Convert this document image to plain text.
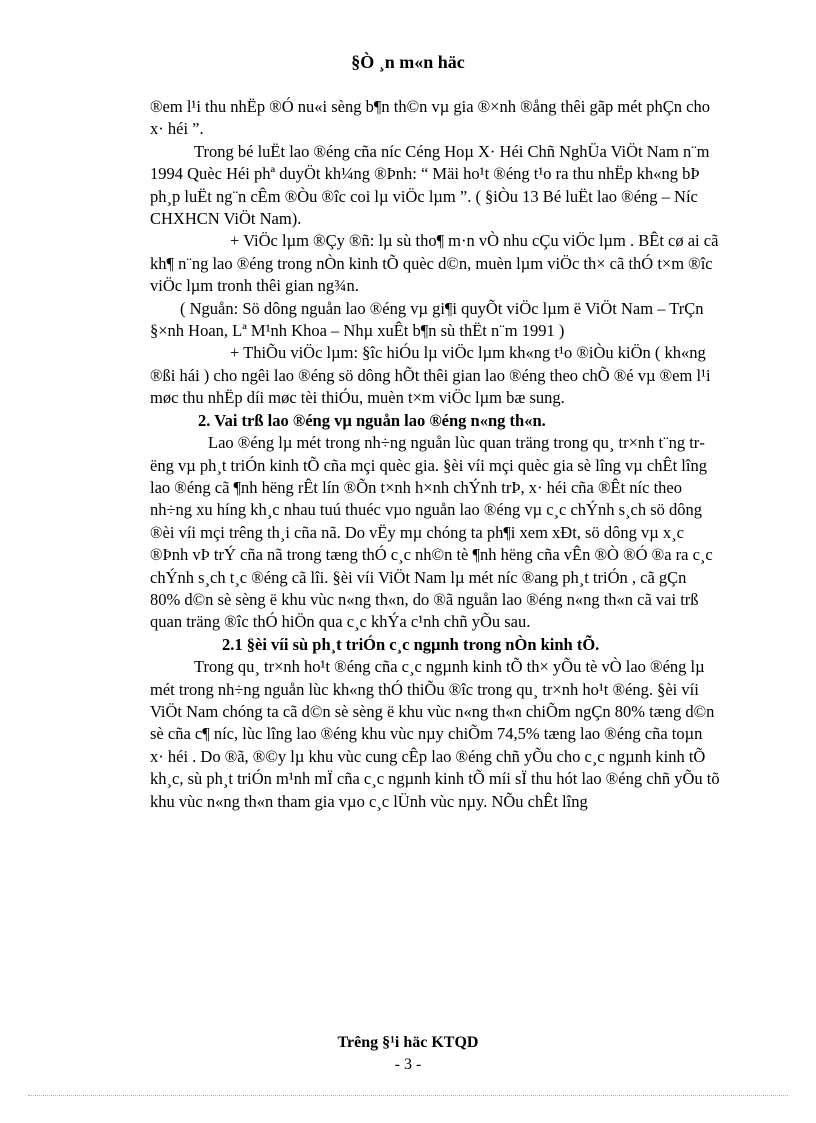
§Ò ¸n m«n häc

®em l¹i thu nhËp ®Ó nu«i sèng b¶n th©n vµ gia ®×nh ®ång thêi gãp mét phÇn cho x· héi ”.

Trong bé luËt lao ®éng cña níc Céng Hoµ X· Héi Chñ NghÜa ViÖt Nam n¨m 1994 Quèc Héi phª duyÖt kh¼ng ®Þnh: “ Mäi ho¹t ®éng t¹o ra thu nhËp kh«ng bÞ ph¸p luËt ng¨n cÊm ®Òu ®îc coi lµ viÖc lµm ”. ( §iÒu 13 Bé luËt lao ®éng – Níc CHXHCN ViÖt Nam).

+ ViÖc lµm ®Çy ®ñ: lµ sù tho¶ m·n vÒ nhu cÇu viÖc lµm . BÊt cø ai cã kh¶ n¨ng lao ®éng trong nÒn kinh tÕ quèc d©n, muèn lµm viÖc th× cã thÓ t×m ®îc viÖc lµm tronh thêi gian ng¾n.

( Nguån: Sö dông nguån lao ®éng vµ gi¶i quyÕt viÖc lµm ë ViÖt Nam – TrÇn §×nh Hoan, Lª M¹nh Khoa – Nhµ xuÊt b¶n sù thËt n¨m 1991 )

+ ThiÕu viÖc lµm: §îc hiÓu lµ viÖc lµm kh«ng t¹o ®iÒu kiÖn ( kh«ng ®ßi hái ) cho ngêi lao ®éng sö dông hÕt thêi gian lao ®éng theo chÕ ®é vµ ®em l¹i møc thu nhËp díi møc tèi thiÓu, muèn t×m viÖc lµm bæ sung.

2. Vai trß lao ®éng vµ nguån lao ®éng n«ng th«n.

Lao ®éng lµ mét trong nh÷ng nguån lùc quan träng trong qu¸ tr×nh t¨ng trëng vµ ph¸t triÓn kinh tÕ cña mçi quèc gia. §èi víi mçi quèc gia sè lîng vµ chÊt lîng lao ®éng cã ¶nh hëng rÊt lín ®Õn t×nh h×nh chÝnh trÞ, x· héi cña ®Êt níc theo nh÷ng xu híng kh¸c nhau tuú thuéc vµo nguån lao ®éng vµ c¸c chÝnh s¸ch sö dông ®èi víi mçi trêng th¸i cña nã. Do vËy mµ chóng ta ph¶i xem xÐt, sö dông vµ x¸c ®Þnh vÞ trÝ cña nã trong tæng thÓ c¸c nh©n tè ¶nh hëng cña vÊn ®Ò ®Ó ®a ra c¸c chÝnh s¸ch t¸c ®éng cã lîi. §èi víi ViÖt Nam lµ mét níc ®ang ph¸t triÓn , cã gÇn 80% d©n sè sèng ë khu vùc n«ng th«n, do ®ã nguån lao ®éng n«ng th«n cã vai trß quan träng ®îc thÓ hiÖn qua c¸c khÝa c¹nh chñ yÕu sau.

2.1 §èi víi sù ph¸t triÓn c¸c ngµnh trong nÒn kinh tÕ.

Trong qu¸ tr×nh ho¹t ®éng cña c¸c ngµnh kinh tÕ th× yÕu tè vÒ lao ®éng lµ mét trong nh÷ng nguån lùc kh«ng thÓ thiÕu ®îc trong qu¸ tr×nh ho¹t ®éng. §èi víi ViÖt Nam chóng ta cã d©n sè sèng ë khu vùc n«ng th«n chiÕm ngÇn 80% tæng d©n sè cña c¶ níc, lùc lîng lao ®éng khu vùc nµy chiÕm 74,5% tæng lao ®éng cña toµn x· héi . Do ®ã, ®©y lµ khu vùc cung cÊp lao ®éng chñ yÕu cho c¸c ngµnh kinh tÕ kh¸c, sù ph¸t triÓn m¹nh mÏ cña c¸c ngµnh kinh tÕ míi sÏ thu hót lao ®éng chñ yÕu tõ khu vùc n«ng th«n tham gia vµo c¸c lÜnh vùc nµy. NÕu chÊt lîng

Trêng §¹i häc KTQD
- 3 -
